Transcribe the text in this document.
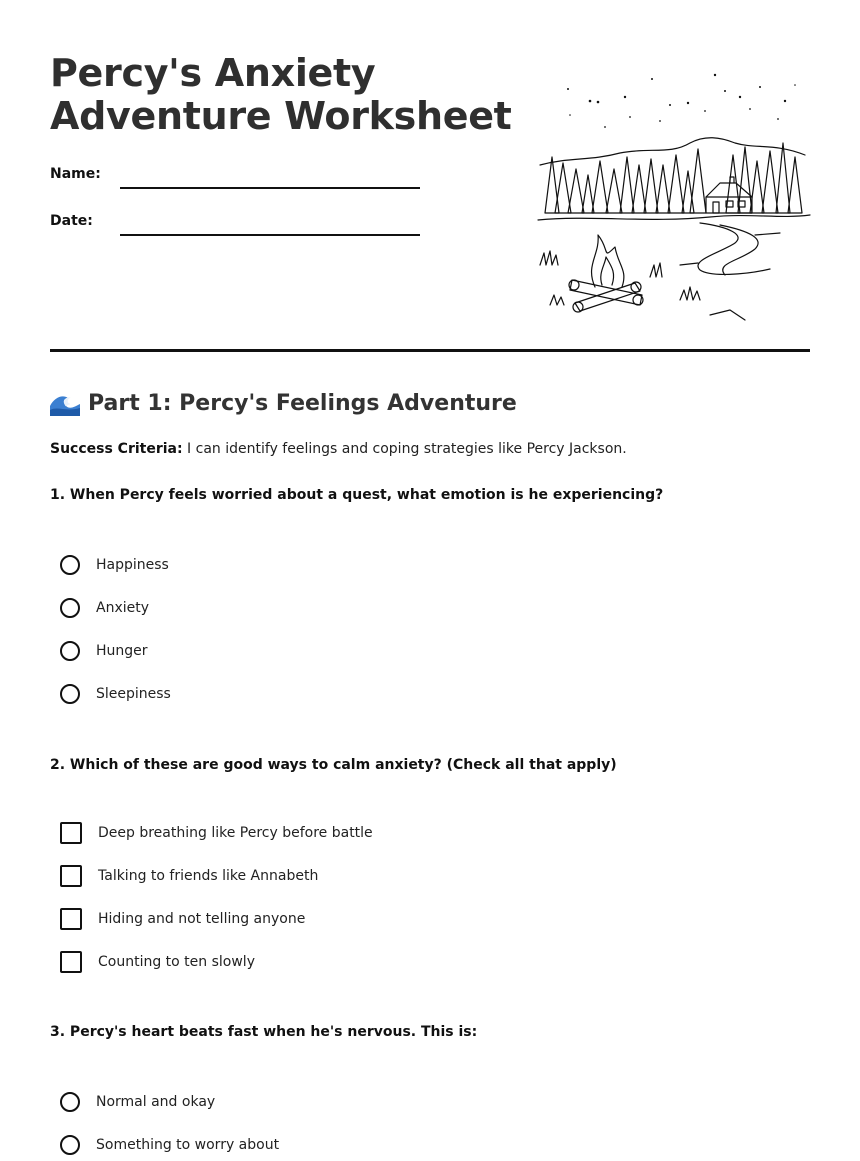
Percy's Anxiety
Adventure Worksheet
Name:
Date:
Part 1: Percy's Feelings Adventure
Success Criteria: I can identify feelings and coping strategies like Percy Jackson.
1. When Percy feels worried about a quest, what emotion is he experiencing?
Happiness
Anxiety
Hunger
Sleepiness
2. Which of these are good ways to calm anxiety? (Check all that apply)
Deep breathing like Percy before battle
Talking to friends like Annabeth
Hiding and not telling anyone
Counting to ten slowly
3. Percy's heart beats fast when he's nervous. This is:
Normal and okay
Something to worry about
